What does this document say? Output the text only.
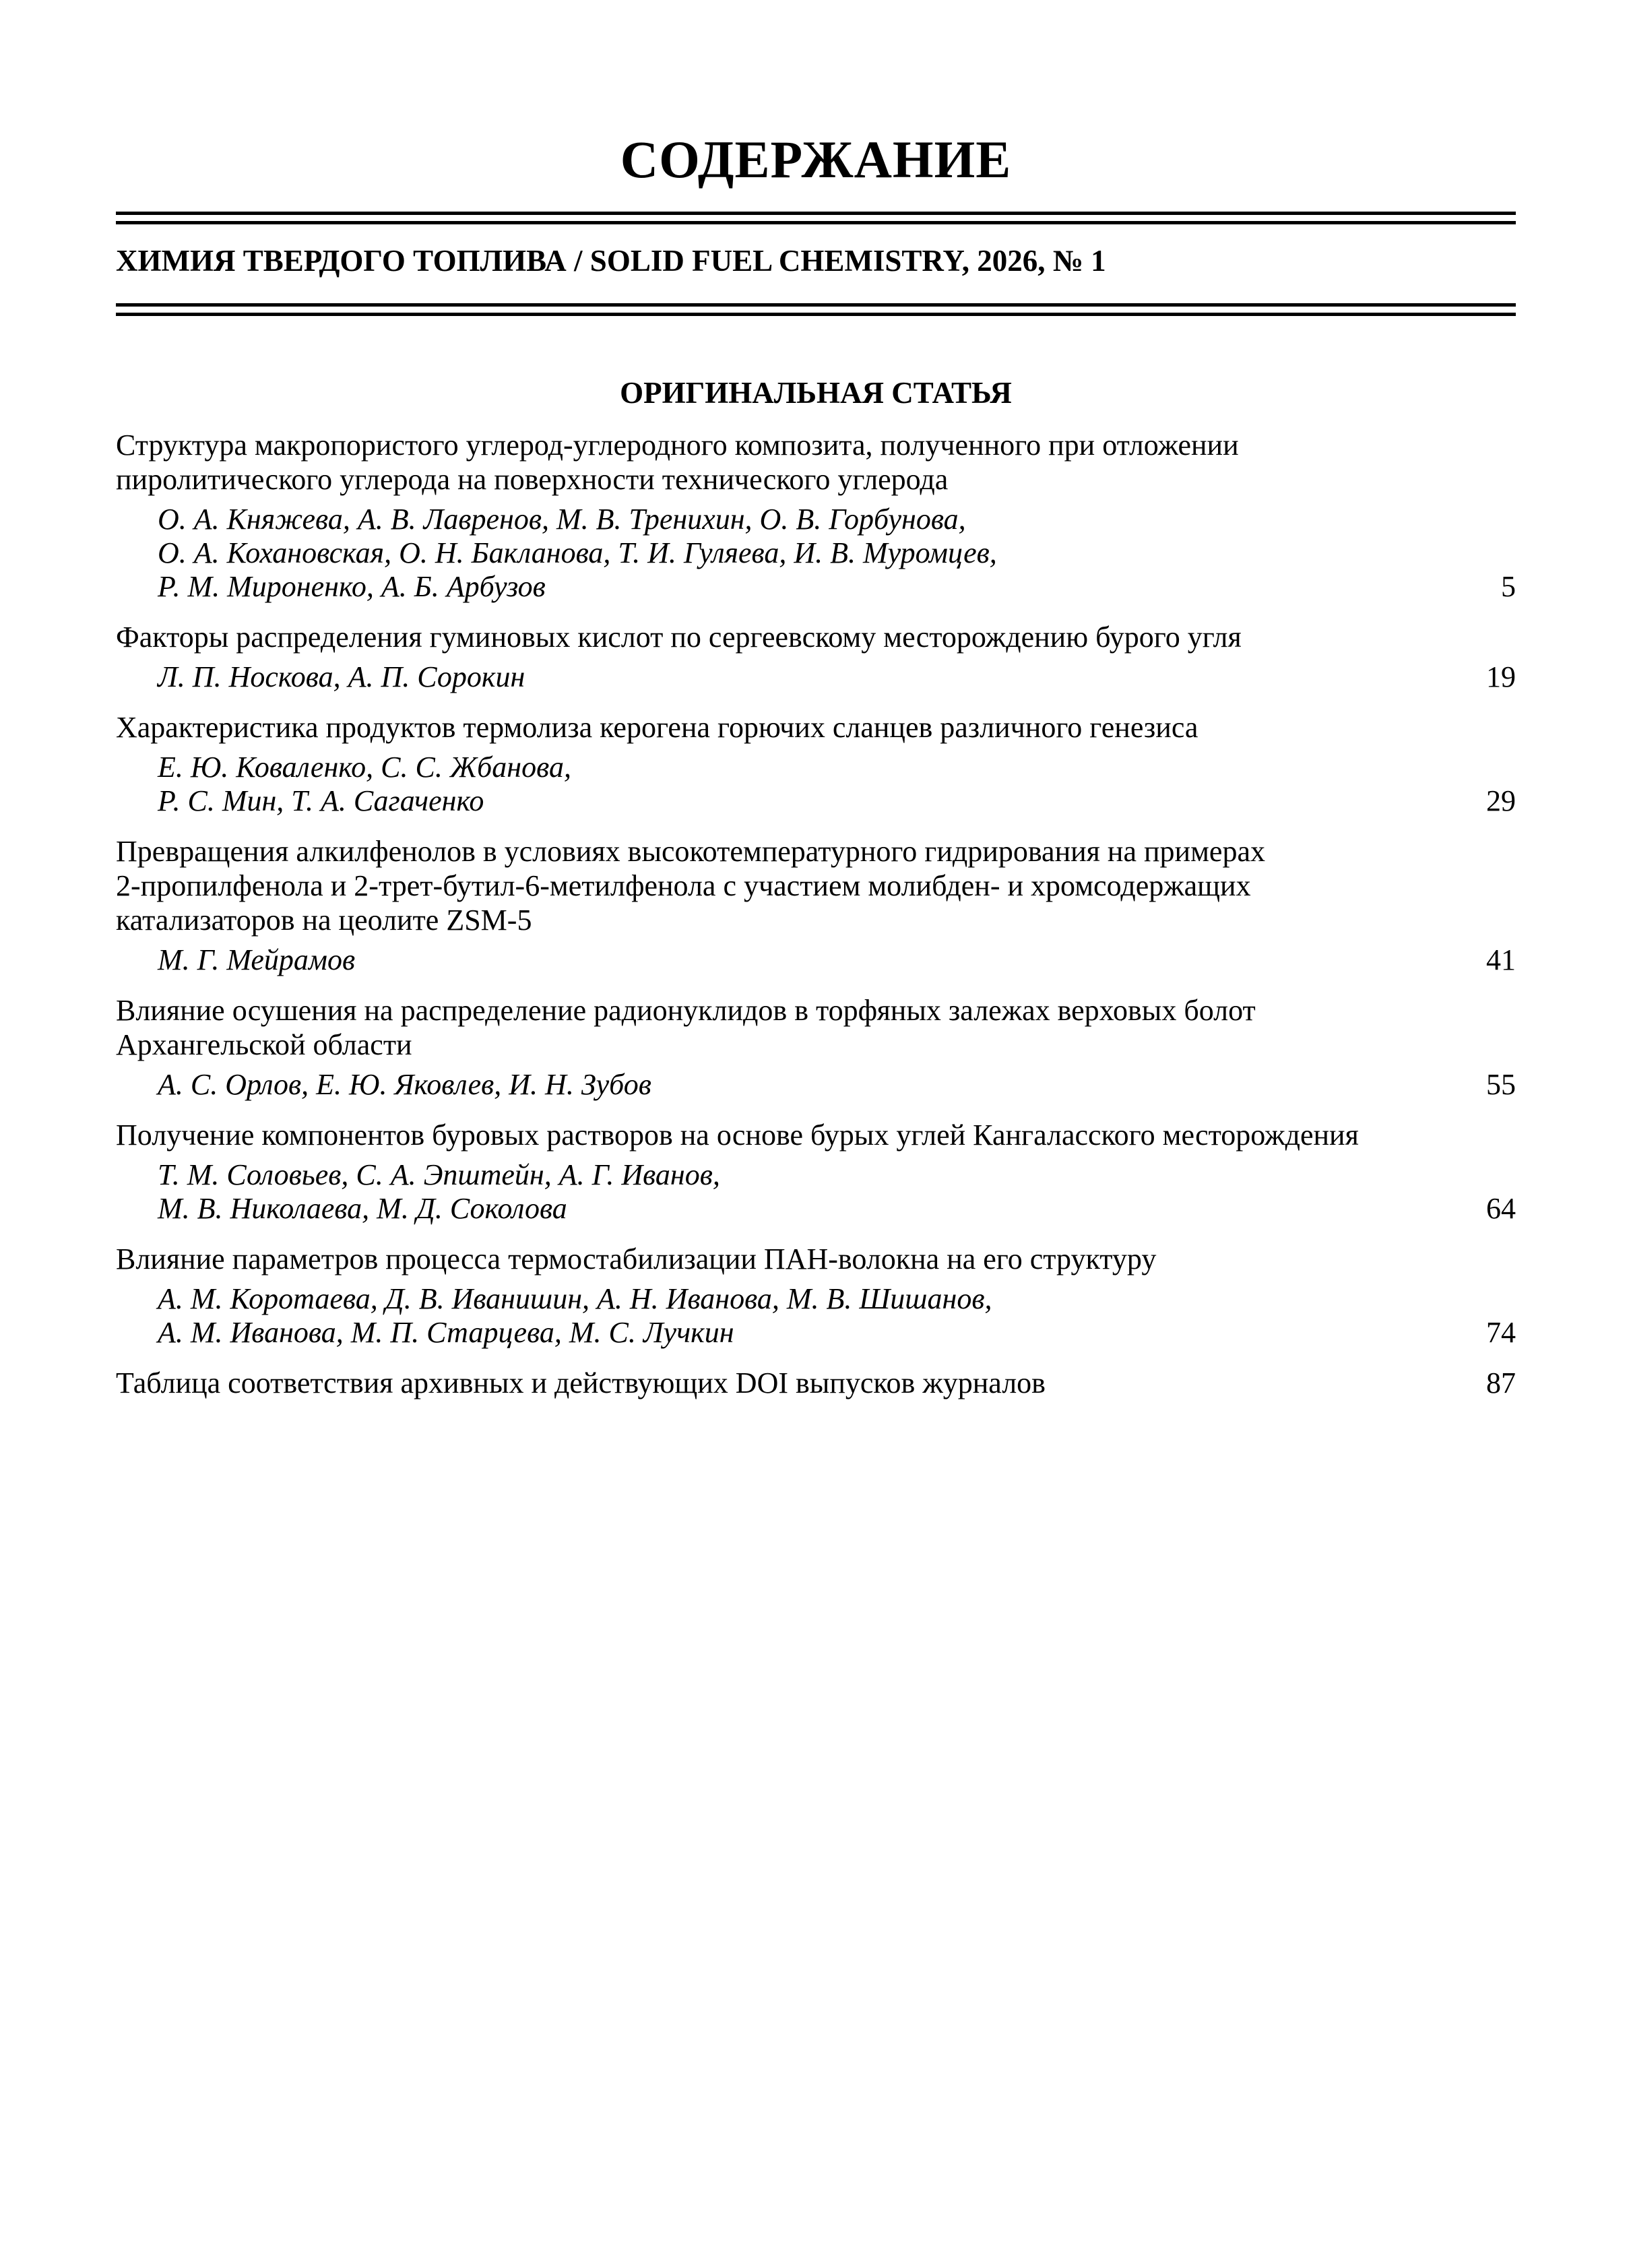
СОДЕРЖАНИЕ
ХИМИЯ ТВЕРДОГО ТОПЛИВА / SOLID FUEL CHEMISTRY, 2026, № 1
ОРИГИНАЛЬНАЯ СТАТЬЯ
Структура макропористого углерод-углеродного композита, полученного при отложении
пиролитического углерода на поверхности технического углерода
О. А. Княжева, А. В. Лавренов, М. В. Тренихин, О. В. Горбунова,
О. А. Кохановская, О. Н. Бакланова, Т. И. Гуляева, И. В. Муромцев,
Р. М. Мироненко, А. Б. Арбузов	5
Факторы распределения гуминовых кислот по сергеевскому месторождению бурого угля
Л. П. Носкова, А. П. Сорокин	19
Характеристика продуктов термолиза керогена горючих сланцев различного генезиса
Е. Ю. Коваленко, С. С. Жбанова,
Р. С. Мин, Т. А. Сагаченко	29
Превращения алкилфенолов в условиях высокотемпературного гидрирования на примерах
2-пропилфенола и 2-трет-бутил-6-метилфенола с участием молибден- и хромсодержащих
катализаторов на цеолите ZSM-5
М. Г. Мейрамов	41
Влияние осушения на распределение радионуклидов в торфяных залежах верховых болот
Архангельской области
А. С. Орлов, Е. Ю. Яковлев, И. Н. Зубов	55
Получение компонентов буровых растворов на основе бурых углей Кангаласского месторождения
Т. М. Соловьев, С. А. Эпштейн, А. Г. Иванов,
М. В. Николаева, М. Д. Соколова	64
Влияние параметров процесса термостабилизации ПАН-волокна на его структуру
А. М. Коротаева, Д. В. Иванишин, А. Н. Иванова, М. В. Шишанов,
А. М. Иванова, М. П. Старцева, М. С. Лучкин	74
Таблица соответствия архивных и действующих DOI выпусков журналов	87
